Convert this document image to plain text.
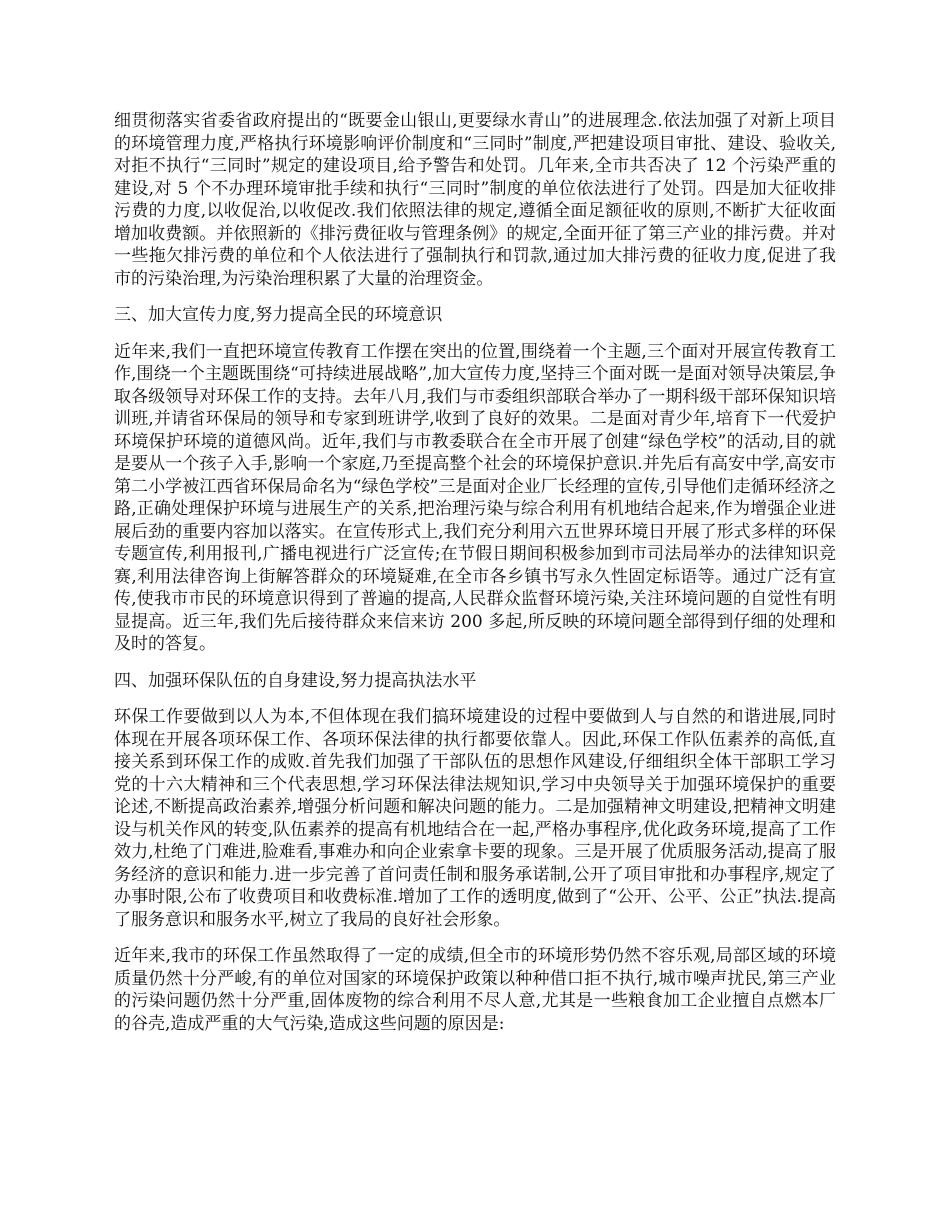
细贯彻落实省委省政府提出的“既要金山银山,更要绿水青山”的进展理念.依法加强了对新上项目的环境管理力度,严格执行环境影响评价制度和“三同时”制度,严把建设项目审批、建设、验收关,对拒不执行“三同时”规定的建设项目,给予警告和处罚。几年来,全市共否决了 12 个污染严重的建设,对 5 个不办理环境审批手续和执行“三同时”制度的单位依法进行了处罚。四是加大征收排污费的力度,以收促治,以收促改.我们依照法律的规定,遵循全面足额征收的原则,不断扩大征收面增加收费额。并依照新的《排污费征收与管理条例》的规定,全面开征了第三产业的排污费。并对一些拖欠排污费的单位和个人依法进行了强制执行和罚款,通过加大排污费的征收力度,促进了我市的污染治理,为污染治理积累了大量的治理资金。

三、加大宣传力度,努力提高全民的环境意识

近年来,我们一直把环境宣传教育工作摆在突出的位置,围绕着一个主题,三个面对开展宣传教育工作,围绕一个主题既围绕“可持续进展战略”,加大宣传力度,坚持三个面对既一是面对领导决策层,争取各级领导对环保工作的支持。去年八月,我们与市委组织部联合举办了一期科级干部环保知识培训班,并请省环保局的领导和专家到班讲学,收到了良好的效果。二是面对青少年,培育下一代爱护环境保护环境的道德风尚。近年,我们与市教委联合在全市开展了创建“绿色学校”的活动,目的就是要从一个孩子入手,影响一个家庭,乃至提高整个社会的环境保护意识.并先后有高安中学,高安市第二小学被江西省环保局命名为“绿色学校”三是面对企业厂长经理的宣传,引导他们走循环经济之路,正确处理保护环境与进展生产的关系,把治理污染与综合利用有机地结合起来,作为增强企业进展后劲的重要内容加以落实。在宣传形式上,我们充分利用六五世界环境日开展了形式多样的环保专题宣传,利用报刊,广播电视进行广泛宣传;在节假日期间积极参加到市司法局举办的法律知识竞赛,利用法律咨询上街解答群众的环境疑难,在全市各乡镇书写永久性固定标语等。通过广泛有宣传,使我市市民的环境意识得到了普遍的提高,人民群众监督环境污染,关注环境问题的自觉性有明显提高。近三年,我们先后接待群众来信来访 200 多起,所反映的环境问题全部得到仔细的处理和及时的答复。

四、加强环保队伍的自身建设,努力提高执法水平

环保工作要做到以人为本,不但体现在我们搞环境建设的过程中要做到人与自然的和谐进展,同时体现在开展各项环保工作、各项环保法律的执行都要依靠人。因此,环保工作队伍素养的高低,直接关系到环保工作的成败.首先我们加强了干部队伍的思想作风建设,仔细组织全体干部职工学习党的十六大精神和三个代表思想,学习环保法律法规知识,学习中央领导关于加强环境保护的重要论述,不断提高政治素养,增强分析问题和解决问题的能力。二是加强精神文明建设,把精神文明建设与机关作风的转变,队伍素养的提高有机地结合在一起,严格办事程序,优化政务环境,提高了工作效力,杜绝了门难进,脸难看,事难办和向企业索拿卡要的现象。三是开展了优质服务活动,提高了服务经济的意识和能力.进一步完善了首问责任制和服务承诺制,公开了项目审批和办事程序,规定了办事时限,公布了收费项目和收费标准.增加了工作的透明度,做到了“公开、公平、公正”执法.提高了服务意识和服务水平,树立了我局的良好社会形象。

近年来,我市的环保工作虽然取得了一定的成绩,但全市的环境形势仍然不容乐观,局部区域的环境质量仍然十分严峻,有的单位对国家的环境保护政策以种种借口拒不执行,城市噪声扰民,第三产业的污染问题仍然十分严重,固体废物的综合利用不尽人意,尤其是一些粮食加工企业擅自点燃本厂的谷壳,造成严重的大气污染,造成这些问题的原因是:
